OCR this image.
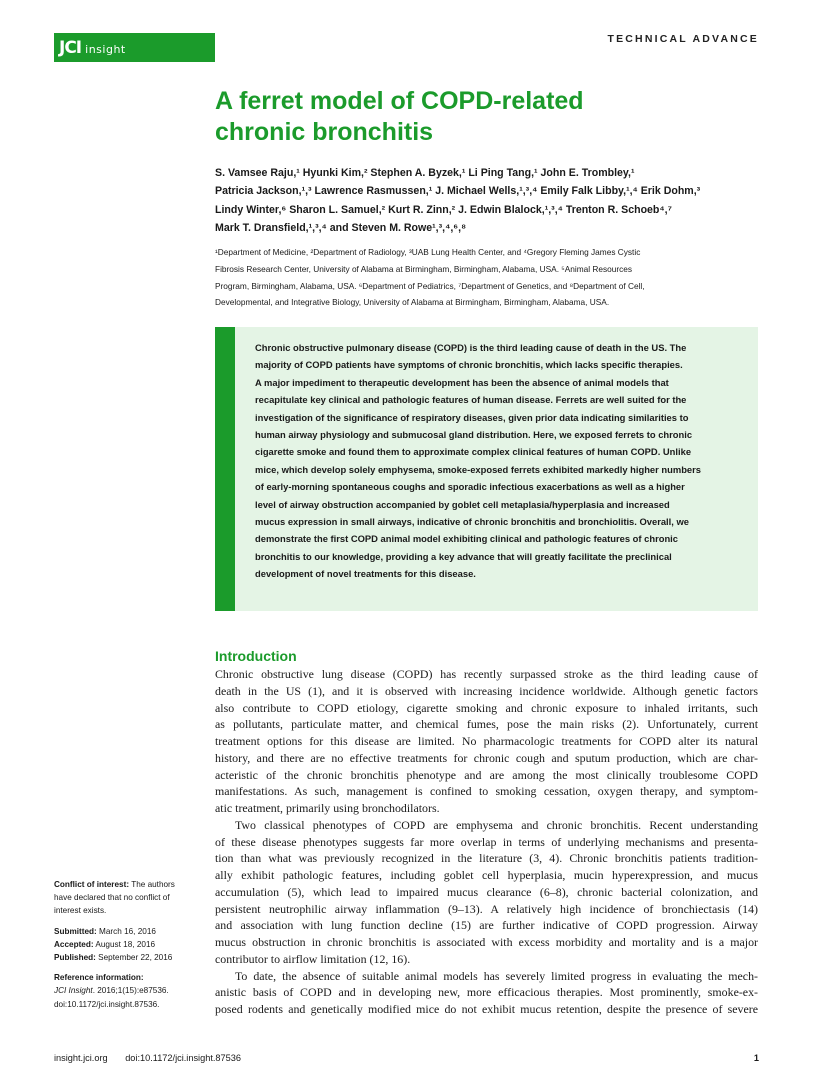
JCI insight
TECHNICAL ADVANCE
A ferret model of COPD-related
chronic bronchitis
S. Vamsee Raju,¹ Hyunki Kim,² Stephen A. Byzek,¹ Li Ping Tang,¹ John E. Trombley,¹
Patricia Jackson,¹,³ Lawrence Rasmussen,¹ J. Michael Wells,¹,³,⁴ Emily Falk Libby,¹,⁴ Erik Dohm,³
Lindy Winter,⁶ Sharon L. Samuel,² Kurt R. Zinn,² J. Edwin Blalock,¹,³,⁴ Trenton R. Schoeb⁴,⁷
Mark T. Dransfield,¹,³,⁴ and Steven M. Rowe¹,³,⁴,⁶,⁸
¹Department of Medicine, ²Department of Radiology, ³UAB Lung Health Center, and ⁴Gregory Fleming James Cystic
Fibrosis Research Center, University of Alabama at Birmingham, Birmingham, Alabama, USA. ⁵Animal Resources
Program, Birmingham, Alabama, USA. ⁶Department of Pediatrics, ⁷Department of Genetics, and ⁸Department of Cell,
Developmental, and Integrative Biology, University of Alabama at Birmingham, Birmingham, Alabama, USA.
Chronic obstructive pulmonary disease (COPD) is the third leading cause of death in the US. The
majority of COPD patients have symptoms of chronic bronchitis, which lacks specific therapies.
A major impediment to therapeutic development has been the absence of animal models that
recapitulate key clinical and pathologic features of human disease. Ferrets are well suited for the
investigation of the significance of respiratory diseases, given prior data indicating similarities to
human airway physiology and submucosal gland distribution. Here, we exposed ferrets to chronic
cigarette smoke and found them to approximate complex clinical features of human COPD. Unlike
mice, which develop solely emphysema, smoke-exposed ferrets exhibited markedly higher numbers
of early-morning spontaneous coughs and sporadic infectious exacerbations as well as a higher
level of airway obstruction accompanied by goblet cell metaplasia/hyperplasia and increased
mucus expression in small airways, indicative of chronic bronchitis and bronchiolitis. Overall, we
demonstrate the first COPD animal model exhibiting clinical and pathologic features of chronic
bronchitis to our knowledge, providing a key advance that will greatly facilitate the preclinical
development of novel treatments for this disease.
Introduction
Chronic obstructive lung disease (COPD) has recently surpassed stroke as the third leading cause of
death in the US (1), and it is observed with increasing incidence worldwide. Although genetic factors
also contribute to COPD etiology, cigarette smoking and chronic exposure to inhaled irritants, such
as pollutants, particulate matter, and chemical fumes, pose the main risks (2). Unfortunately, current
treatment options for this disease are limited. No pharmacologic treatments for COPD alter its natural
history, and there are no effective treatments for chronic cough and sputum production, which are char-
acteristic of the chronic bronchitis phenotype and are among the most clinically troublesome COPD
manifestations. As such, management is confined to smoking cessation, oxygen therapy, and symptom-
atic treatment, primarily using bronchodilators.
Two classical phenotypes of COPD are emphysema and chronic bronchitis. Recent understanding
of these disease phenotypes suggests far more overlap in terms of underlying mechanisms and presenta-
tion than what was previously recognized in the literature (3, 4). Chronic bronchitis patients tradition-
ally exhibit pathologic features, including goblet cell hyperplasia, mucin hyperexpression, and mucus
accumulation (5), which lead to impaired mucus clearance (6–8), chronic bacterial colonization, and
persistent neutrophilic airway inflammation (9–13). A relatively high incidence of bronchiectasis (14)
and association with lung function decline (15) are further indicative of COPD progression. Airway
mucus obstruction in chronic bronchitis is associated with excess morbidity and mortality and is a major
contributor to airflow limitation (12, 16).
To date, the absence of suitable animal models has severely limited progress in evaluating the mech-
anistic basis of COPD and in developing new, more efficacious therapies. Most prominently, smoke-ex-
posed rodents and genetically modified mice do not exhibit mucus retention, despite the presence of severe
Conflict of interest: The authors
have declared that no conflict of
interest exists.
Submitted: March 16, 2016
Accepted: August 18, 2016
Published: September 22, 2016
Reference information:
JCI Insight. 2016;1(15):e87536.
doi:10.1172/jci.insight.87536.
insight.jci.org doi:10.1172/jci.insight.87536	1
